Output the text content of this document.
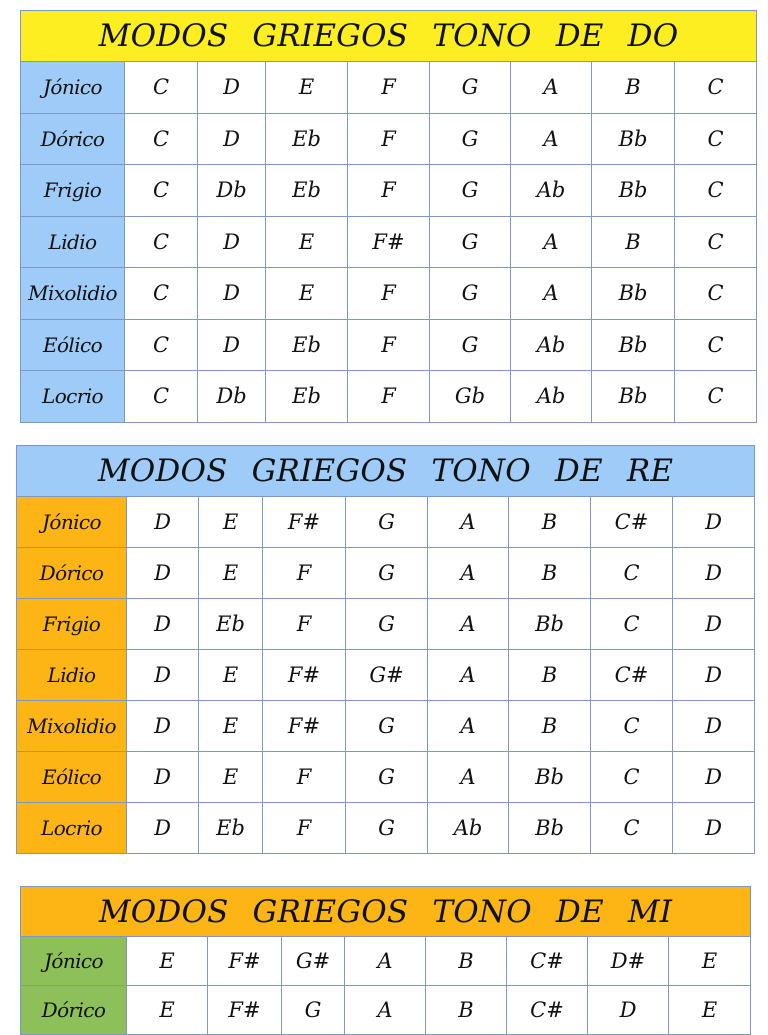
MODOS GRIEGOS TONO DE DO								
Jónico	C	D	E	F	G	A	B	C
Dórico	C	D	Eb	F	G	A	Bb	C
Frigio	C	Db	Eb	F	G	Ab	Bb	C
Lidio	C	D	E	F#	G	A	B	C
Mixolidio	C	D	E	F	G	A	Bb	C
Eólico	C	D	Eb	F	G	Ab	Bb	C
Locrio	C	Db	Eb	F	Gb	Ab	Bb	C
MODOS GRIEGOS TONO DE RE								
Jónico	D	E	F#	G	A	B	C#	D
Dórico	D	E	F	G	A	B	C	D
Frigio	D	Eb	F	G	A	Bb	C	D
Lidio	D	E	F#	G#	A	B	C#	D
Mixolidio	D	E	F#	G	A	B	C	D
Eólico	D	E	F	G	A	Bb	C	D
Locrio	D	Eb	F	G	Ab	Bb	C	D
MODOS GRIEGOS TONO DE MI								
Jónico	E	F#	G#	A	B	C#	D#	E
Dórico	E	F#	G	A	B	C#	D	E
